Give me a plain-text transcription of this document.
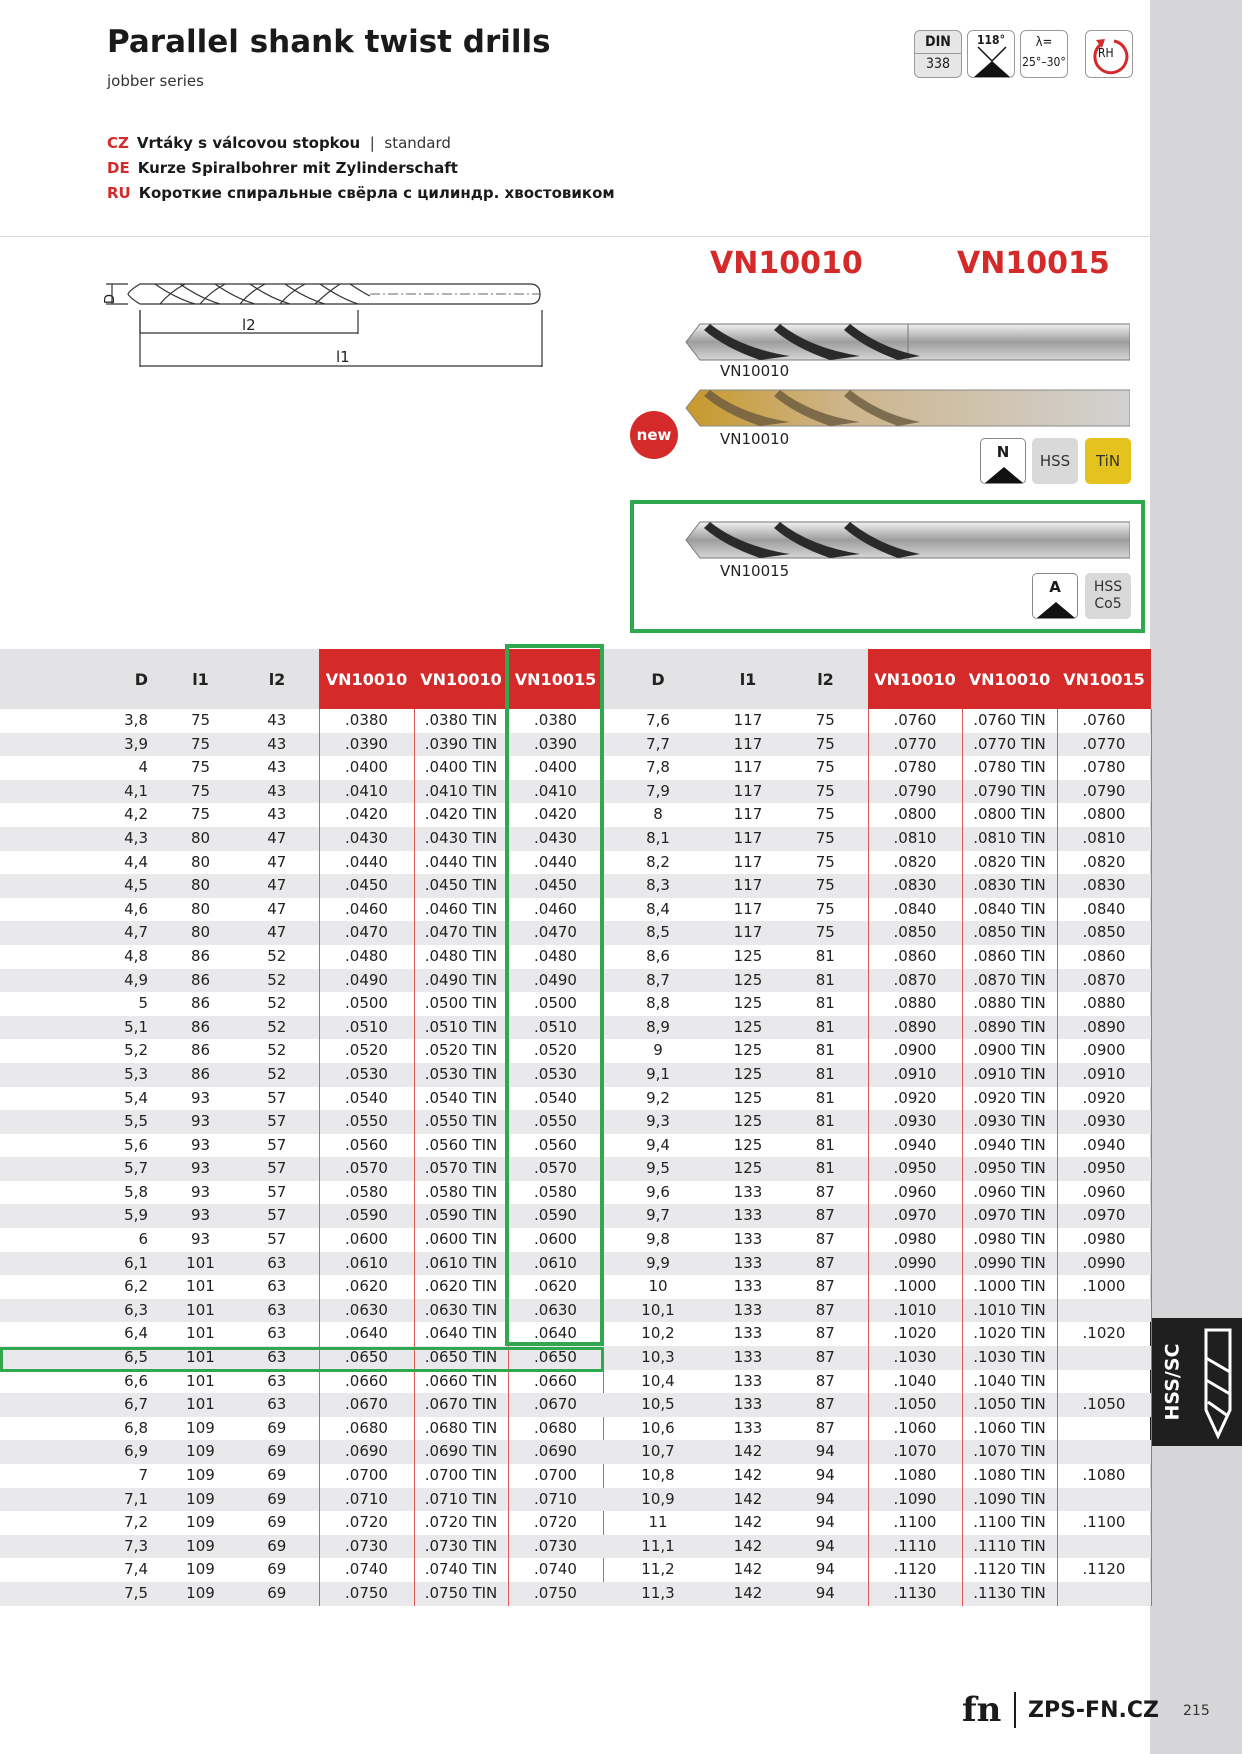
HSS/SC
Parallel shank twist drills
jobber series
CZ Vrtáky s válcovou stopkou  |  standard
DE Kurze Spiralbohrer mit Zylinderschaft
RU Короткие спиральные свёрла с цилиндр. хвостовиком
DIN
338
118°	λ=
25°–30°
RH
D
l2
l1
VN10010	VN10015
VN10010
new	VN10010
N	HSS	TiN
VN10015
A	HSS Co5
D	l1	l2	VN10010	VN10010	VN10015
3,8	75	43	.0380	.0380 TIN	.0380
3,9	75	43	.0390	.0390 TIN	.0390
4	75	43	.0400	.0400 TIN	.0400
4,1	75	43	.0410	.0410 TIN	.0410
4,2	75	43	.0420	.0420 TIN	.0420
4,3	80	47	.0430	.0430 TIN	.0430
4,4	80	47	.0440	.0440 TIN	.0440
4,5	80	47	.0450	.0450 TIN	.0450
4,6	80	47	.0460	.0460 TIN	.0460
4,7	80	47	.0470	.0470 TIN	.0470
4,8	86	52	.0480	.0480 TIN	.0480
4,9	86	52	.0490	.0490 TIN	.0490
5	86	52	.0500	.0500 TIN	.0500
5,1	86	52	.0510	.0510 TIN	.0510
5,2	86	52	.0520	.0520 TIN	.0520
5,3	86	52	.0530	.0530 TIN	.0530
5,4	93	57	.0540	.0540 TIN	.0540
5,5	93	57	.0550	.0550 TIN	.0550
5,6	93	57	.0560	.0560 TIN	.0560
5,7	93	57	.0570	.0570 TIN	.0570
5,8	93	57	.0580	.0580 TIN	.0580
5,9	93	57	.0590	.0590 TIN	.0590
6	93	57	.0600	.0600 TIN	.0600
6,1	101	63	.0610	.0610 TIN	.0610
6,2	101	63	.0620	.0620 TIN	.0620
6,3	101	63	.0630	.0630 TIN	.0630
6,4	101	63	.0640	.0640 TIN	.0640
6,5	101	63	.0650	.0650 TIN	.0650
6,6	101	63	.0660	.0660 TIN	.0660
6,7	101	63	.0670	.0670 TIN	.0670
6,8	109	69	.0680	.0680 TIN	.0680
6,9	109	69	.0690	.0690 TIN	.0690
7	109	69	.0700	.0700 TIN	.0700
7,1	109	69	.0710	.0710 TIN	.0710
7,2	109	69	.0720	.0720 TIN	.0720
7,3	109	69	.0730	.0730 TIN	.0730
7,4	109	69	.0740	.0740 TIN	.0740
7,5	109	69	.0750	.0750 TIN	.0750
D	l1	l2	VN10010	VN10010	VN10015
7,6	117	75	.0760	.0760 TIN	.0760
7,7	117	75	.0770	.0770 TIN	.0770
7,8	117	75	.0780	.0780 TIN	.0780
7,9	117	75	.0790	.0790 TIN	.0790
8	117	75	.0800	.0800 TIN	.0800
8,1	117	75	.0810	.0810 TIN	.0810
8,2	117	75	.0820	.0820 TIN	.0820
8,3	117	75	.0830	.0830 TIN	.0830
8,4	117	75	.0840	.0840 TIN	.0840
8,5	117	75	.0850	.0850 TIN	.0850
8,6	125	81	.0860	.0860 TIN	.0860
8,7	125	81	.0870	.0870 TIN	.0870
8,8	125	81	.0880	.0880 TIN	.0880
8,9	125	81	.0890	.0890 TIN	.0890
9	125	81	.0900	.0900 TIN	.0900
9,1	125	81	.0910	.0910 TIN	.0910
9,2	125	81	.0920	.0920 TIN	.0920
9,3	125	81	.0930	.0930 TIN	.0930
9,4	125	81	.0940	.0940 TIN	.0940
9,5	125	81	.0950	.0950 TIN	.0950
9,6	133	87	.0960	.0960 TIN	.0960
9,7	133	87	.0970	.0970 TIN	.0970
9,8	133	87	.0980	.0980 TIN	.0980
9,9	133	87	.0990	.0990 TIN	.0990
10	133	87	.1000	.1000 TIN	.1000
10,1	133	87	.1010	.1010 TIN	
10,2	133	87	.1020	.1020 TIN	.1020
10,3	133	87	.1030	.1030 TIN	
10,4	133	87	.1040	.1040 TIN	
10,5	133	87	.1050	.1050 TIN	.1050
10,6	133	87	.1060	.1060 TIN	
10,7	142	94	.1070	.1070 TIN	
10,8	142	94	.1080	.1080 TIN	.1080
10,9	142	94	.1090	.1090 TIN	
11	142	94	.1100	.1100 TIN	.1100
11,1	142	94	.1110	.1110 TIN	
11,2	142	94	.1120	.1120 TIN	.1120
11,3	142	94	.1130	.1130 TIN	
fn ZPS-FN.CZ 215
